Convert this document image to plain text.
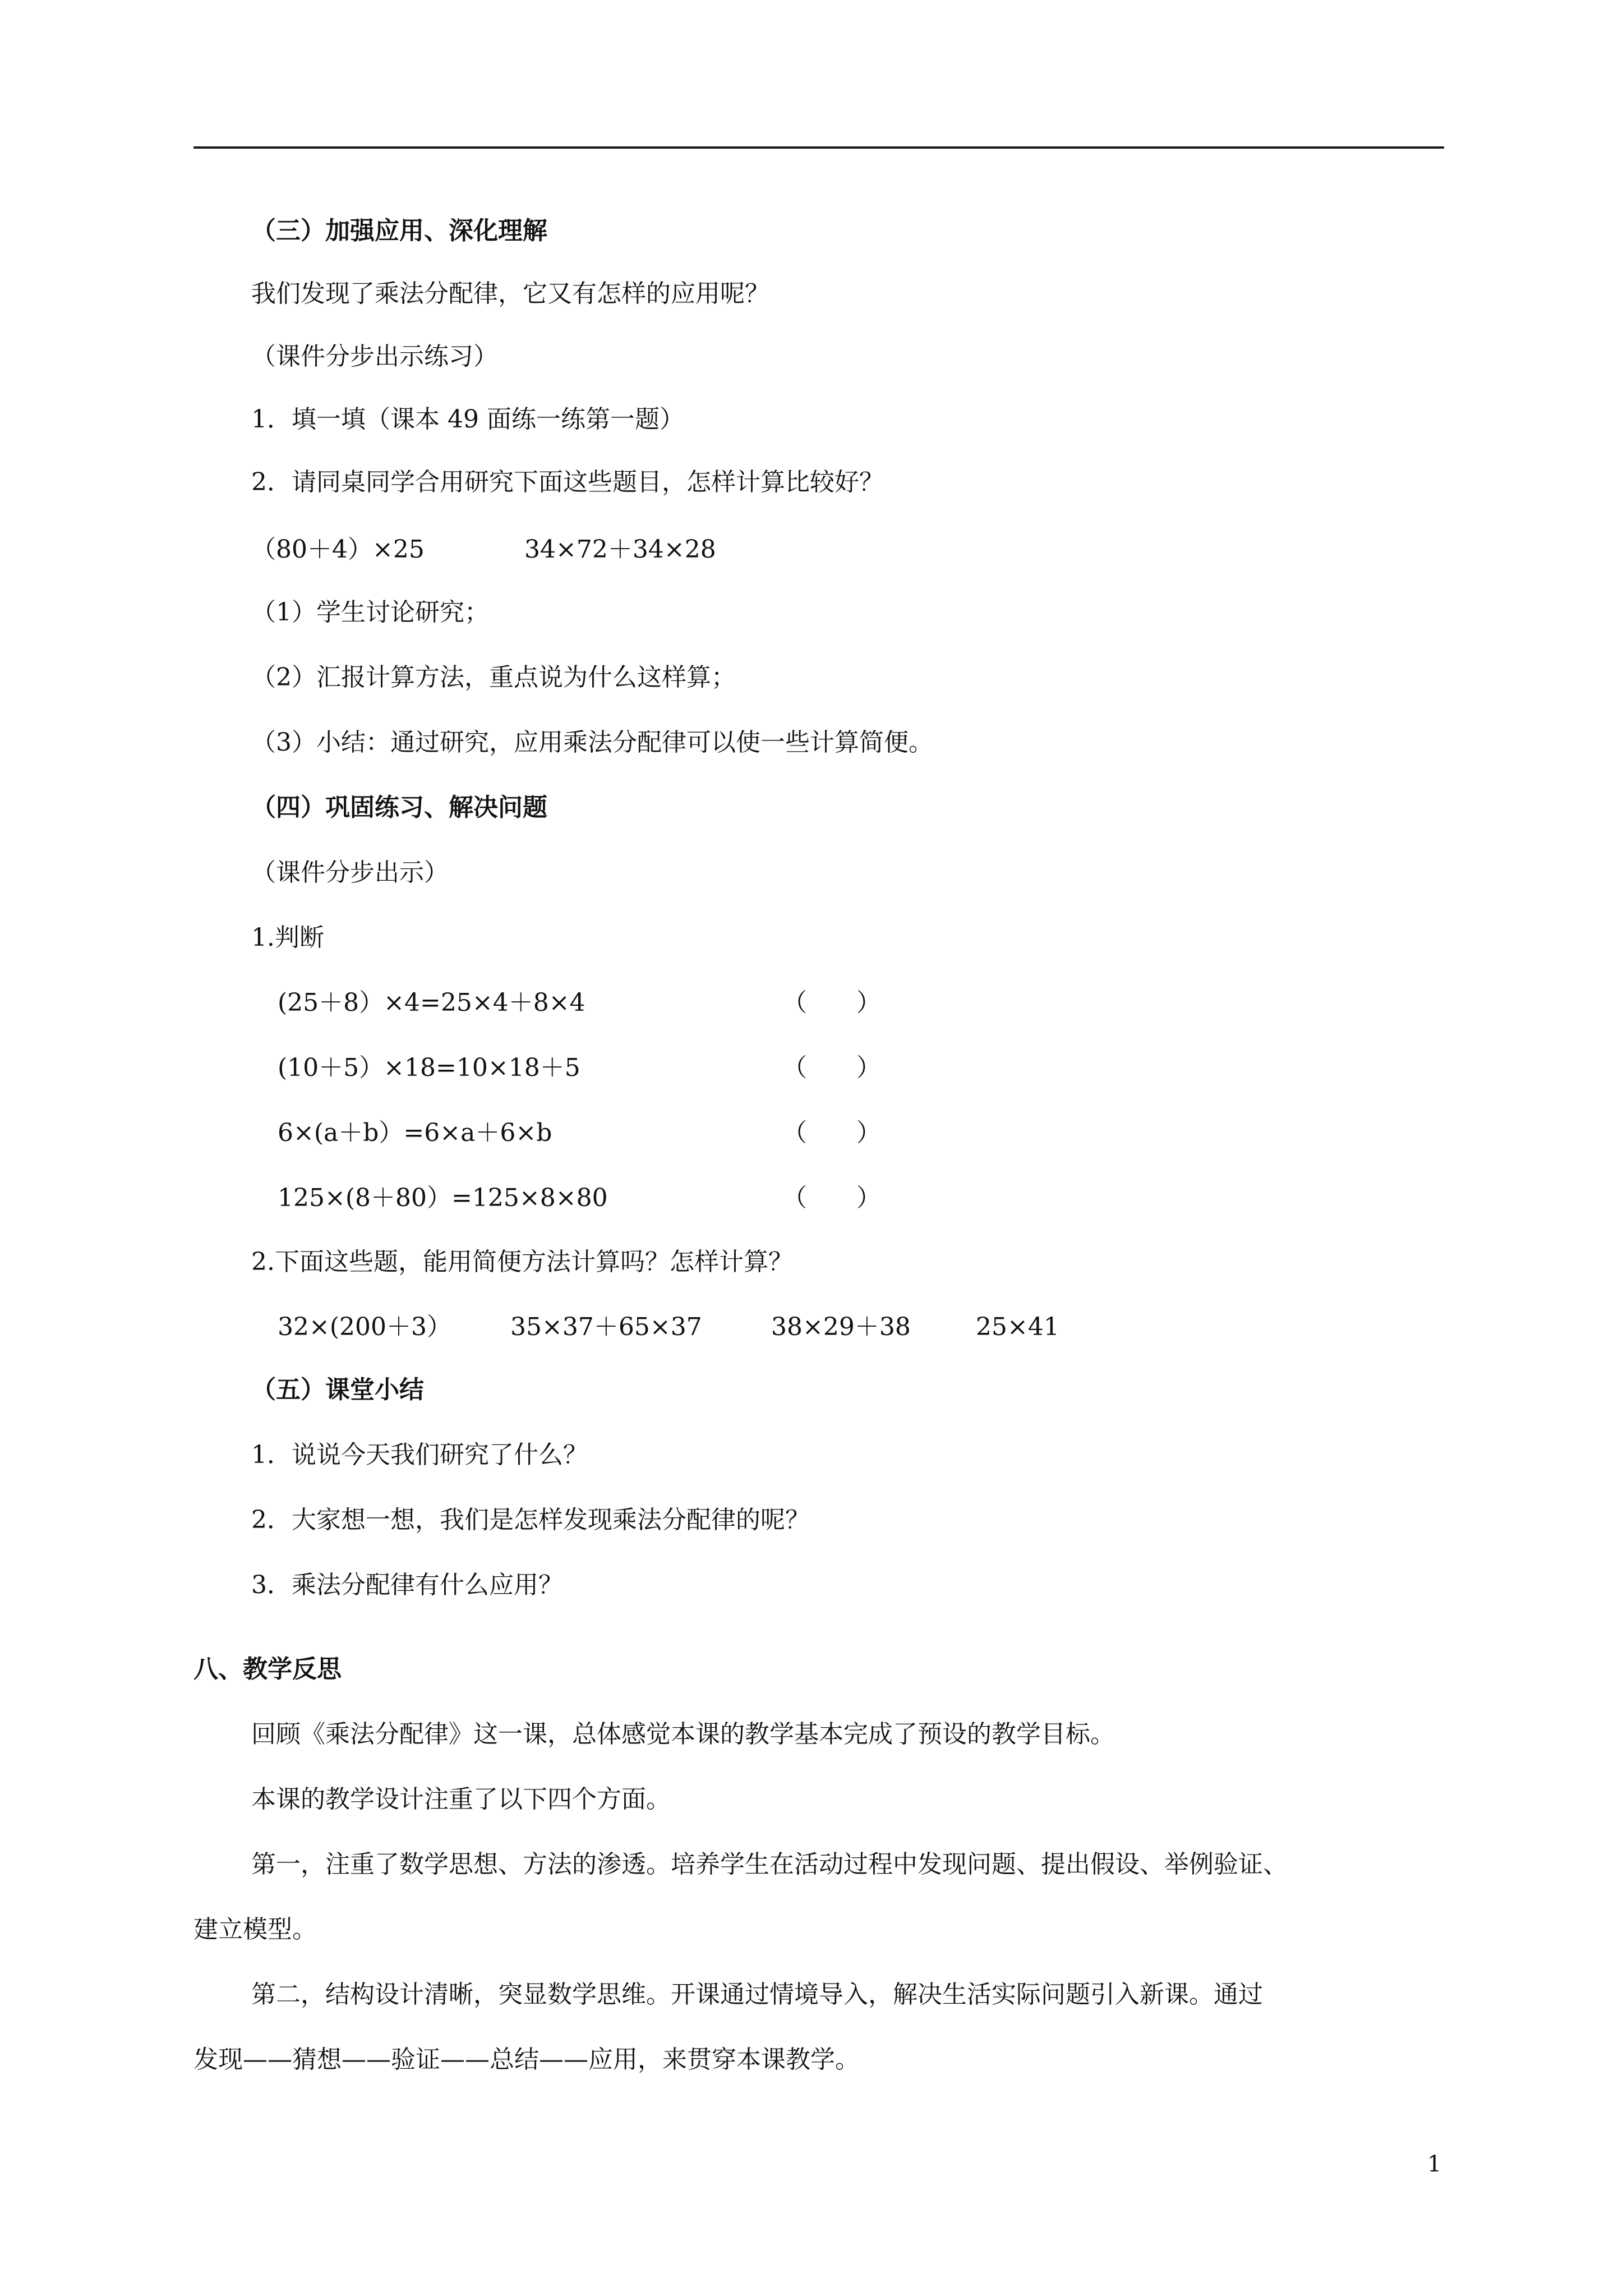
（三）加强应用、深化理解
我们发现了乘法分配律，它又有怎样的应用呢？
（课件分步出示练习）
1．填一填（课本 49 面练一练第一题）
2．请同桌同学合用研究下面这些题目，怎样计算比较好？
（80＋4）×25	34×72＋34×28
（1）学生讨论研究；
（2）汇报计算方法，重点说为什么这样算；
（3）小结：通过研究，应用乘法分配律可以使一些计算简便。
（四）巩固练习、解决问题
（课件分步出示）
1.判断
(25＋8）×4=25×4＋8×4	（　　）
(10＋5）×18=10×18＋5	（　　）
6×(a＋b）=6×a＋6×b	（　　）
125×(8＋80）=125×8×80	（　　）
2.下面这些题，能用简便方法计算吗？怎样计算？
32×(200＋3） 35×37＋65×37	38×29＋38	25×41
（五）课堂小结
1．说说今天我们研究了什么？
2．大家想一想，我们是怎样发现乘法分配律的呢？
3．乘法分配律有什么应用？
八、教学反思
回顾《乘法分配律》这一课，总体感觉本课的教学基本完成了预设的教学目标。
本课的教学设计注重了以下四个方面。
第一，注重了数学思想、方法的渗透。培养学生在活动过程中发现问题、提出假设、举例验证、
建立模型。
第二，结构设计清晰，突显数学思维。开课通过情境导入，解决生活实际问题引入新课。通过
发现——猜想——验证——总结——应用，来贯穿本课教学。
1
